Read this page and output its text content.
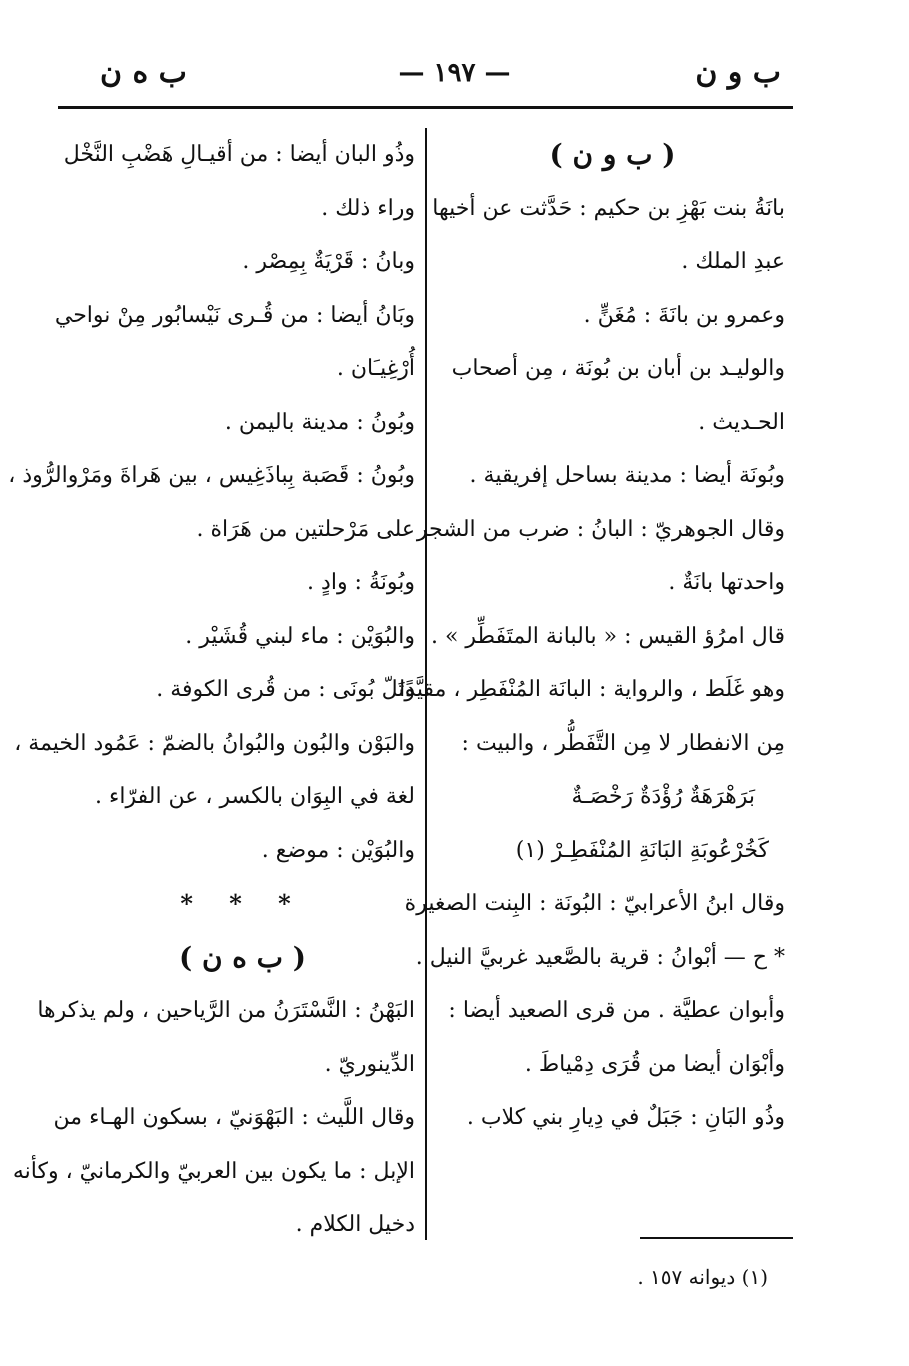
ب و ن
— ١٩٧ —
ب ه ن
( ب و ن )
بانَةُ بنت بَهْزِ بن حكيم : حَدَّثت عن أخيها
عبدِ الملك .
وعمرو بن بانَةَ : مُغَنٍّ .
والوليـد بن أبان بن بُونَة ، مِن أصحاب
الحـديث .
وبُونَة أيضا : مدينة بساحل إفريقية .
وقال الجوهريّ : البانُ : ضرب من الشجر
واحدتها بانَةٌ .
قال امرُؤ القيس : « بالبانة المتَفَطِّر » .
وهو غَلَط ، والرواية : البانَة المُنْفَطِر ، مقيَّدًا
مِن الانفطار لا مِن التَّفَطُّر ، والبيت :
بَرَهْرَهَةٌ رُؤْدَةٌ رَخْصَـةٌ
كَخُرْعُوبَةِ البَانَةِ المُنْفَطِـرْ (١)
وقال ابنُ الأعرابيّ : البُونَة : البِنت الصغيرة
* ح — أبْوانُ : قرية بالصَّعيد غربيَّ النيل .
وأبوان عطيَّة . من قرى الصعيد أيضا :
وأبْوَان أيضا من قُرَى دِمْياطَ .
وذُو البَانِ : جَبَلٌ في دِيارِ بني كلاب .
وذُو البان أيضا : من أقيـالِ هَضْبِ النَّخْل
وراء ذلك .
وبانُ : قَرْيَةٌ بِمِصْر .
وبَانُ أيضا : من قُـرى نَيْسابُور مِنْ نواحي
أُرْغِيـَان .
وبُونُ : مدينة باليمن .
وبُونُ : قَصَبة بِباذَغِيس ، بين هَراةَ ومَرْوالرُّوذ ،
على مَرْحلتين من هَرَاة .
وبُونَةُ : وادٍ .
والبُوَيْن : ماء لبني قُشَيْر .
وتَلّ بُونَى : من قُرى الكوفة .
والبَوْن والبُون والبُوانُ بالضمّ : عَمُود الخيمة ،
لغة في البِوَان بالكسر ، عن الفرّاء .
والبُوَيْن : موضع .
* * *
( ب ه ن )
البَهْنُ : النَّسْتَرَنُ من الرَّياحين ، ولم يذكرها
الدِّينوريّ .
وقال اللَّيث : البَهْوَنيّ ، بسكون الهـاء من
الإبل : ما يكون بين العربيّ والكرمانيّ ، وكأنه
دخيل الكلام .
(١) ديوانه ١٥٧ .
